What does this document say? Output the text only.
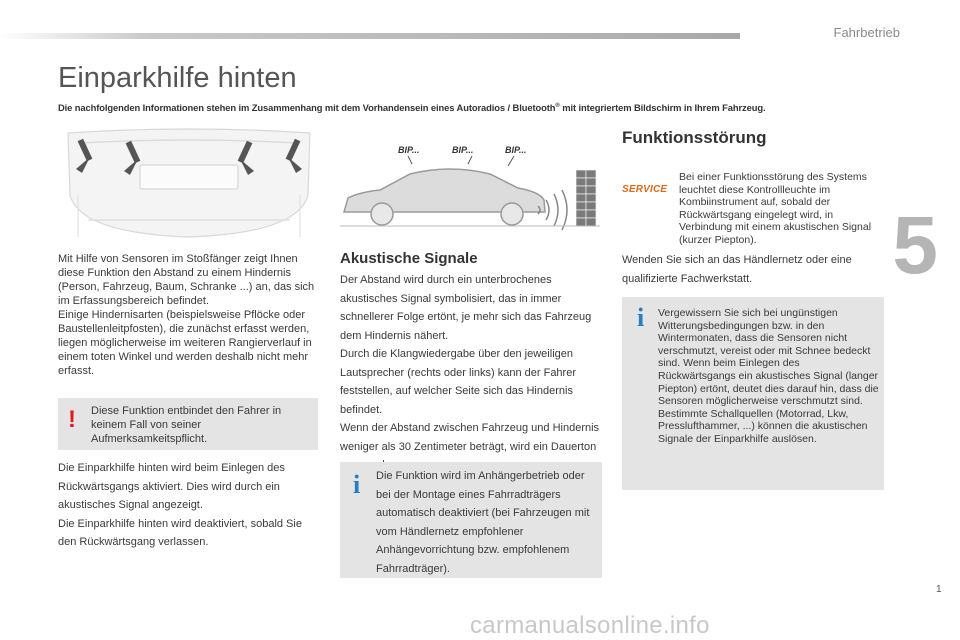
Fahrbetrieb
5
Einparkhilfe hinten
Die nachfolgenden Informationen stehen im Zusammenhang mit dem Vorhandensein eines Autoradios / Bluetooth® mit integriertem Bildschirm in Ihrem Fahrzeug.

Mit Hilfe von Sensoren im Stoßfänger zeigt Ihnen diese Funktion den Abstand zu einem Hindernis (Person, Fahrzeug, Baum, Schranke ...) an, das sich im Erfassungsbereich befindet.

Einige Hindernisarten (beispielsweise Pflöcke oder Baustellenleitpfosten), die zunächst erfasst werden, liegen möglicherweise im weiteren Rangierverlauf in einem toten Winkel und werden deshalb nicht mehr erfasst.

! Diese Funktion entbindet den Fahrer in keinem Fall von seiner Aufmerksamkeitspflicht.

Die Einparkhilfe hinten wird beim Einlegen des Rückwärtsgangs aktiviert. Dies wird durch ein akustisches Signal angezeigt.

Die Einparkhilfe hinten wird deaktiviert, sobald Sie den Rückwärtsgang verlassen.

BIP...	BIP...	BIP...
Akustische Signale

Der Abstand wird durch ein unterbrochenes akustisches Signal symbolisiert, das in immer schnellerer Folge ertönt, je mehr sich das Fahrzeug dem Hindernis nähert.

Durch die Klangwiedergabe über den jeweiligen Lautsprecher (rechts oder links) kann der Fahrer feststellen, auf welcher Seite sich das Hindernis befindet.

Wenn der Abstand zwischen Fahrzeug und Hindernis weniger als 30 Zentimeter beträgt, wird ein Dauerton

i Die Funktion wird im Anhängerbetrieb oder bei der Montage eines Fahrradträgers automatisch deaktiviert (bei Fahrzeugen mit vom Händlernetz empfohlener Anhängevorrichtung bzw. empfohlenem Fahrradträger).
Funktionsstörung
SERVICE
Bei einer Funktionsstörung des Systems leuchtet diese Kontrollleuchte im Kombiinstrument auf, sobald der Rückwärtsgang eingelegt wird, in Verbindung mit einem akustischen Signal (kurzer Piepton).
Wenden Sie sich an das Händlernetz oder eine qualifizierte Fachwerkstatt.
i Vergewissern Sie sich bei ungünstigen Witterungsbedingungen bzw. in den Wintermonaten, dass die Sensoren nicht verschmutzt, vereist oder mit Schnee bedeckt sind. Wenn beim Einlegen des Rückwärtsgangs ein akustisches Signal (langer Piepton) ertönt, deutet dies darauf hin, dass die Sensoren möglicherweise verschmutzt sind. Bestimmte Schallquellen (Motorrad, Lkw, Presslufthammer, ...) können die akustischen Signale der Einparkhilfe auslösen.
1
carmanualsonline.info
